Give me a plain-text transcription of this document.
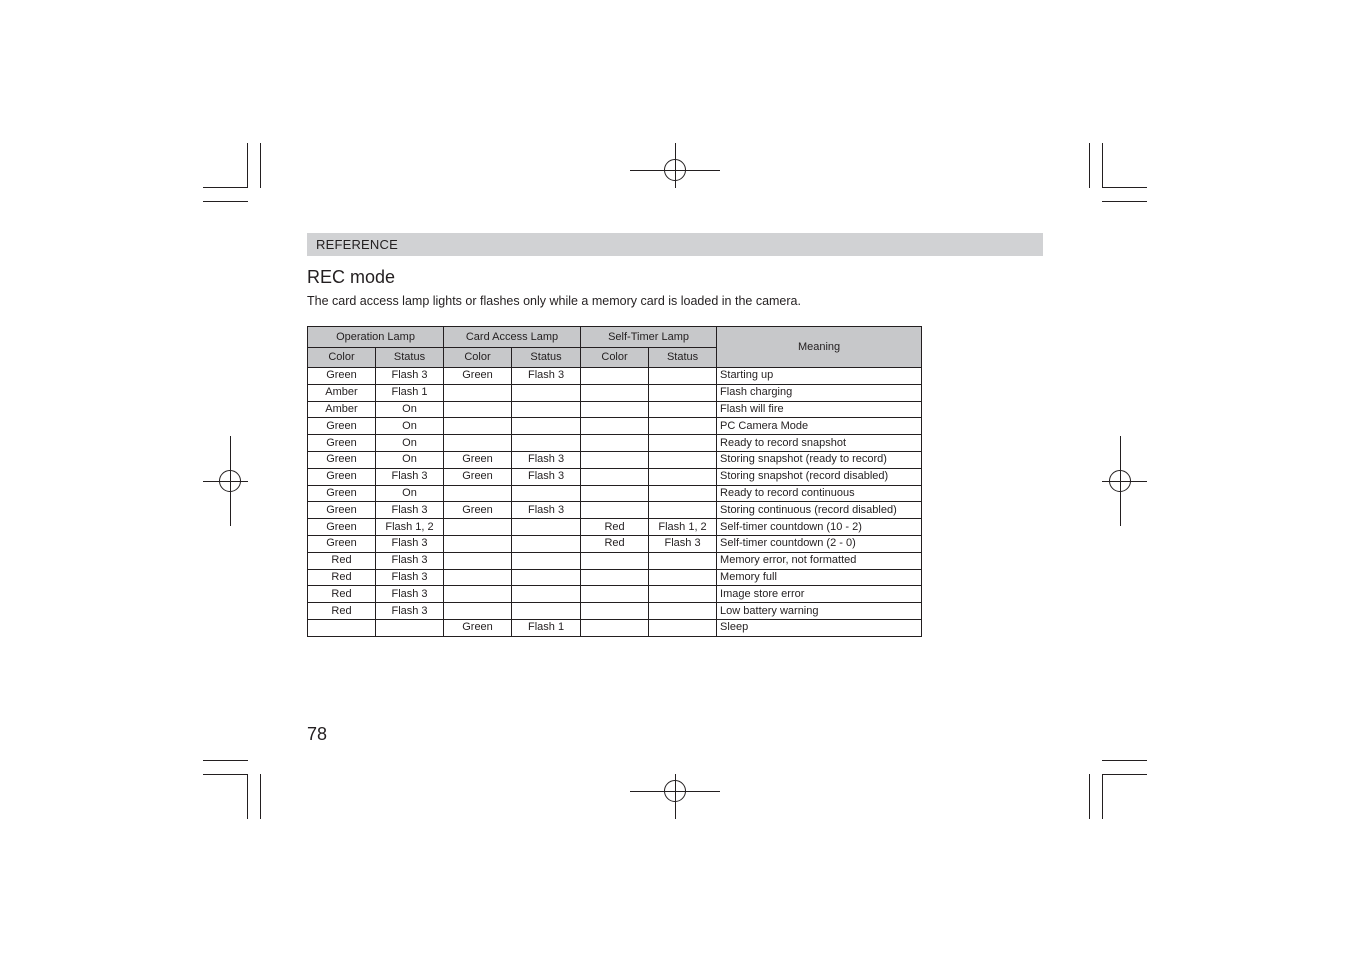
REFERENCE
REC mode
The card access lamp lights or flashes only while a memory card is loaded in the camera.
Operation Lamp		Card Access Lamp		Self-Timer Lamp		Meaning
Color	Status	Color	Status	Color	Status	
Green	Flash 3	Green	Flash 3			Starting up
Amber	Flash 1					Flash charging
Amber	On					Flash will fire
Green	On					PC Camera Mode
Green	On					Ready to record snapshot
Green	On	Green	Flash 3			Storing snapshot (ready to record)
Green	Flash 3	Green	Flash 3			Storing snapshot (record disabled)
Green	On					Ready to record continuous
Green	Flash 3	Green	Flash 3			Storing continuous (record disabled)
Green	Flash 1, 2			Red	Flash 1, 2	Self-timer countdown (10 - 2)
Green	Flash 3			Red	Flash 3	Self-timer countdown (2 - 0)
Red	Flash 3					Memory error, not formatted
Red	Flash 3					Memory full
Red	Flash 3					Image store error
Red	Flash 3					Low battery warning
		Green	Flash 1			Sleep
78
